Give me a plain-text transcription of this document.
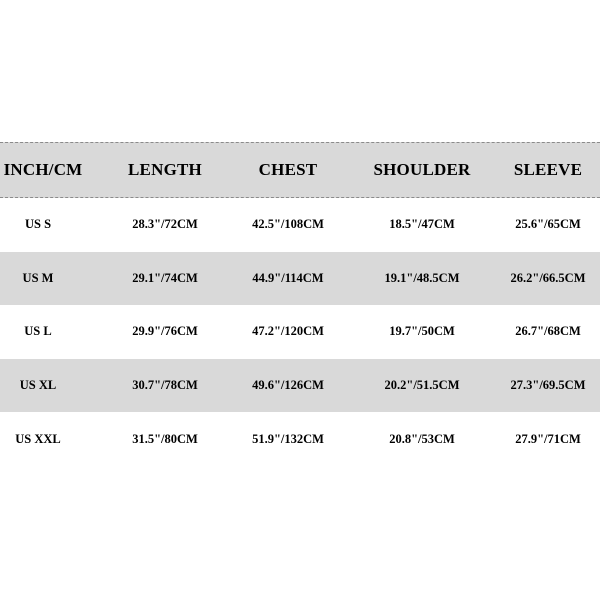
INCH/CM	LENGTH	CHEST	SHOULDER	SLEEVE
US S	28.3"/72CM	42.5"/108CM	18.5"/47CM	25.6"/65CM
US M	29.1"/74CM	44.9"/114CM	19.1"/48.5CM	26.2"/66.5CM
US L	29.9"/76CM	47.2"/120CM	19.7"/50CM	26.7"/68CM
US XL	30.7"/78CM	49.6"/126CM	20.2"/51.5CM	27.3"/69.5CM
US XXL	31.5"/80CM	51.9"/132CM	20.8"/53CM	27.9"/71CM
